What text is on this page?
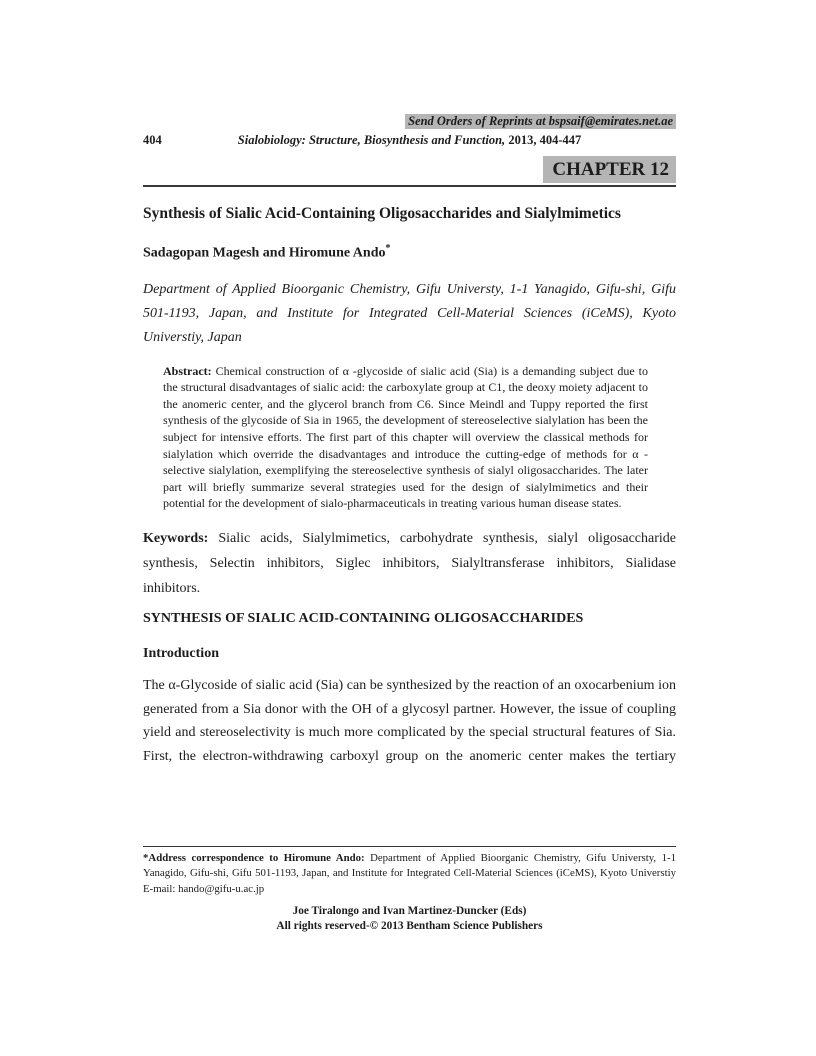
Send Orders of Reprints at bspsaif@emirates.net.ae
404	Sialobiology: Structure, Biosynthesis and Function, 2013, 404-447
CHAPTER 12
Synthesis of Sialic Acid-Containing Oligosaccharides and Sialylmimetics
Sadagopan Magesh and Hiromune Ando*
Department of Applied Bioorganic Chemistry, Gifu Universty, 1-1 Yanagido, Gifu-shi, Gifu 501-1193, Japan, and Institute for Integrated Cell-Material Sciences (iCeMS), Kyoto Universtiy, Japan
Abstract: Chemical construction of α -glycoside of sialic acid (Sia) is a demanding subject due to the structural disadvantages of sialic acid: the carboxylate group at C1, the deoxy moiety adjacent to the anomeric center, and the glycerol branch from C6. Since Meindl and Tuppy reported the first synthesis of the glycoside of Sia in 1965, the development of stereoselective sialylation has been the subject for intensive efforts. The first part of this chapter will overview the classical methods for sialylation which override the disadvantages and introduce the cutting-edge of methods for α -selective sialylation, exemplifying the stereoselective synthesis of sialyl oligosaccharides. The later part will briefly summarize several strategies used for the design of sialylmimetics and their potential for the development of sialo-pharmaceuticals in treating various human disease states.
Keywords: Sialic acids, Sialylmimetics, carbohydrate synthesis, sialyl oligosaccharide synthesis, Selectin inhibitors, Siglec inhibitors, Sialyltransferase inhibitors, Sialidase inhibitors.
SYNTHESIS OF SIALIC ACID-CONTAINING OLIGOSACCHARIDES
Introduction
The α-Glycoside of sialic acid (Sia) can be synthesized by the reaction of an oxocarbenium ion generated from a Sia donor with the OH of a glycosyl partner. However, the issue of coupling yield and stereoselectivity is much more complicated by the special structural features of Sia. First, the electron-withdrawing carboxyl group on the anomeric center makes the tertiary
*Address correspondence to Hiromune Ando: Department of Applied Bioorganic Chemistry, Gifu Universty, 1-1 Yanagido, Gifu-shi, Gifu 501-1193, Japan, and Institute for Integrated Cell-Material Sciences (iCeMS), Kyoto Universtiy E-mail: hando@gifu-u.ac.jp
Joe Tiralongo and Ivan Martinez-Duncker (Eds)
All rights reserved-© 2013 Bentham Science Publishers
